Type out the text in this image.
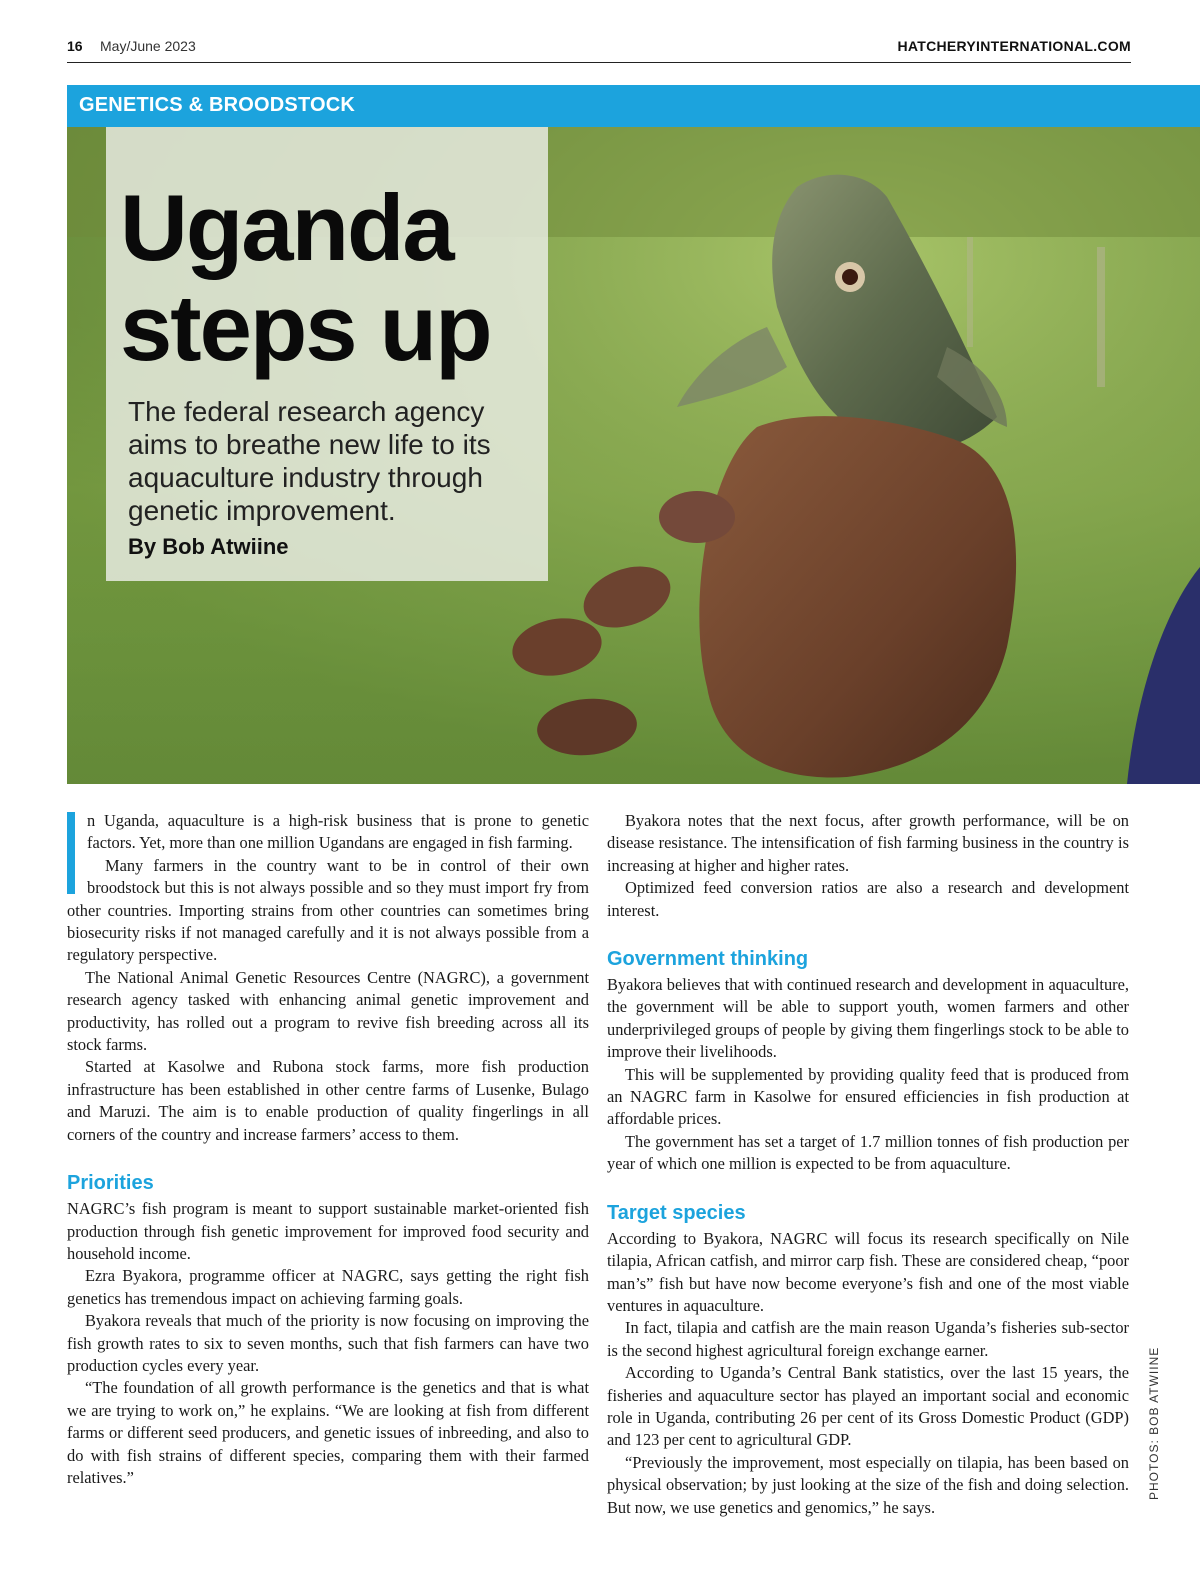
16 May/June 2023	HATCHERYINTERNATIONAL.COM
GENETICS & BROODSTOCK
Uganda steps up

The federal research agency aims to breathe new life to its aquaculture industry through genetic improvement.

By Bob Atwiine

n Uganda, aquaculture is a high-risk business that is prone to genetic factors. Yet, more than one million Ugandans are engaged in fish farming.

Many farmers in the country want to be in control of their own broodstock but this is not always possible and so they must import fry from other countries. Importing strains from other countries can sometimes bring biosecurity risks if not managed carefully and it is not always possible from a regulatory perspective.

The National Animal Genetic Resources Centre (NAGRC), a government research agency tasked with enhancing animal genetic improvement and productivity, has rolled out a program to revive fish breeding across all its stock farms.

Started at Kasolwe and Rubona stock farms, more fish production infrastructure has been established in other centre farms of Lusenke, Bulago and Maruzi. The aim is to enable production of quality fingerlings in all corners of the country and increase farmers’ access to them.

Priorities

NAGRC’s fish program is meant to support sustainable market-oriented fish production through fish genetic improvement for improved food security and household income.

Ezra Byakora, programme officer at NAGRC, says getting the right fish genetics has tremendous impact on achieving farming goals.

Byakora reveals that much of the priority is now focusing on improving the fish growth rates to six to seven months, such that fish farmers can have two production cycles every year.

“The foundation of all growth performance is the genetics and that is what we are trying to work on,” he explains. “We are looking at fish from different farms or different seed producers, and genetic issues of inbreeding, and also to do with fish strains of different species, comparing them with their farmed relatives.”

Byakora notes that the next focus, after growth performance, will be on disease resistance. The intensification of fish farming business in the country is increasing at higher and higher rates.

Optimized feed conversion ratios are also a research and development interest.

Government thinking

Byakora believes that with continued research and development in aquaculture, the government will be able to support youth, women farmers and other underprivileged groups of people by giving them fingerlings stock to be able to improve their livelihoods.

This will be supplemented by providing quality feed that is produced from an NAGRC farm in Kasolwe for ensured efficiencies in fish production at affordable prices.

The government has set a target of 1.7 million tonnes of fish production per year of which one million is expected to be from aquaculture.

Target species

According to Byakora, NAGRC will focus its research specifically on Nile tilapia, African catfish, and mirror carp fish. These are considered cheap, “poor man’s” fish but have now become everyone’s fish and one of the most viable ventures in aquaculture.

In fact, tilapia and catfish are the main reason Uganda’s fisheries sub-sector is the second highest agricultural foreign exchange earner.

According to Uganda’s Central Bank statistics, over the last 15 years, the fisheries and aquaculture sector has played an important social and economic role in Uganda, contributing 26 per cent of its Gross Domestic Product (GDP) and 123 per cent to agricultural GDP.

“Previously the improvement, most especially on tilapia, has been based on physical observation; by just looking at the size of the fish and doing selection. But now, we use genetics and genomics,” he says.

PHOTOS: BOB ATWIINE
